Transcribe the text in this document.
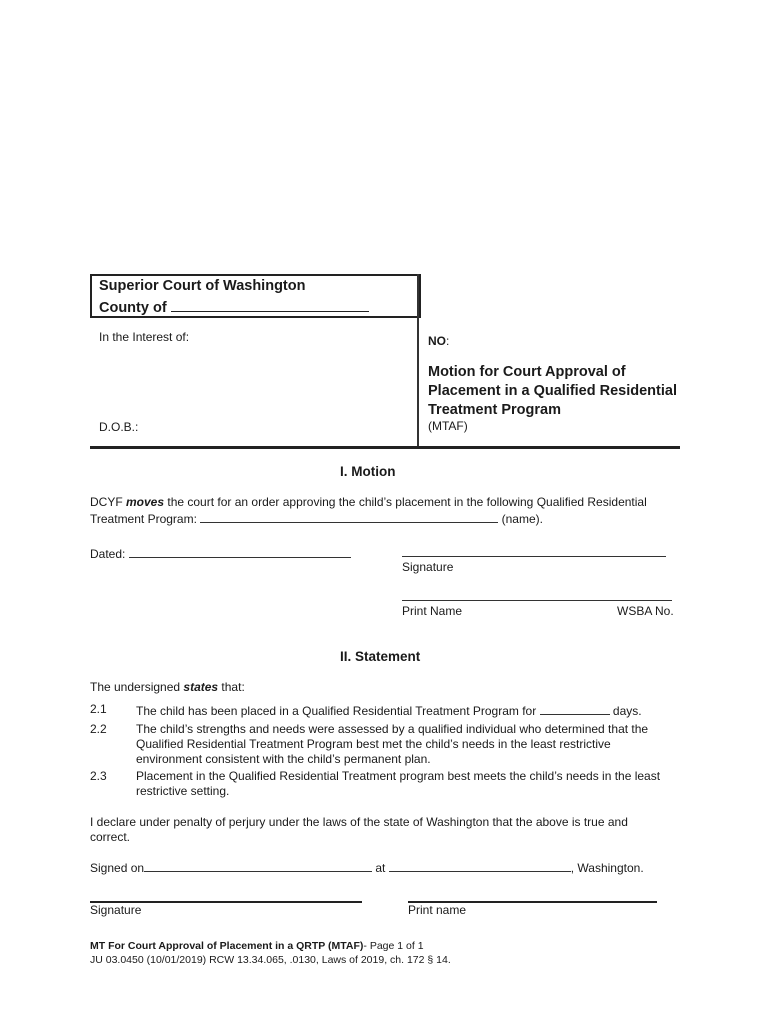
Superior Court of Washington
County of
In the Interest of:
D.O.B.:
NO:
Motion for Court Approval of Placement in a Qualified Residential Treatment Program
(MTAF)
I. Motion
DCYF moves the court for an order approving the child’s placement in the following Qualified Residential
Treatment Program:	(name).
Dated:
Signature
Print Name	WSBA No.
II. Statement
The undersigned states that:
2.1 The child has been placed in a Qualified Residential Treatment Program for	days.
2.2 The child’s strengths and needs were assessed by a qualified individual who determined that the Qualified Residential Treatment Program best met the child’s needs in the least restrictive environment consistent with the child’s permanent plan.
2.3 Placement in the Qualified Residential Treatment program best meets the child’s needs in the least restrictive setting.
I declare under penalty of perjury under the laws of the state of Washington that the above is true and correct.
Signed on	at	, Washington.
Signature	Print name
MT For Court Approval of Placement in a QRTP (MTAF)- Page 1 of 1
JU 03.0450 (10/01/2019) RCW 13.34.065, .0130, Laws of 2019, ch. 172 § 14.
